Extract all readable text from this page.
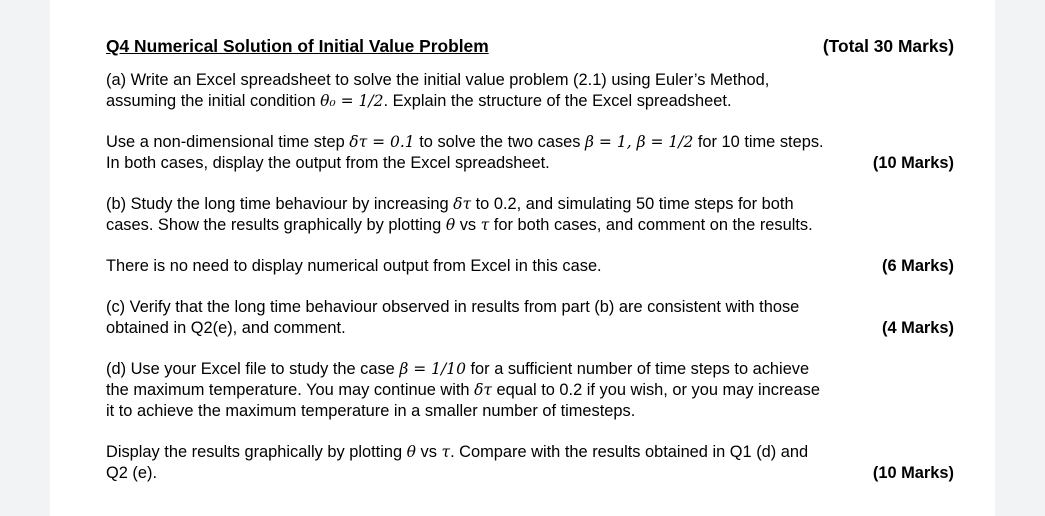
Q4 Numerical Solution of Initial Value Problem	(Total 30 Marks)

(a) Write an Excel spreadsheet to solve the initial value problem (2.1) using Euler’s Method,
assuming the initial condition θ₀ = 1/2. Explain the structure of the Excel spreadsheet.

Use a non-dimensional time step δτ = 0.1 to solve the two cases β = 1, β = 1/2 for 10 time steps.
In both cases, display the output from the Excel spreadsheet.	(10 Marks)
(b) Study the long time behaviour by increasing δτ to 0.2, and simulating 50 time steps for both
cases. Show the results graphically by plotting θ vs τ for both cases, and comment on the results.
There is no need to display numerical output from Excel in this case.	(6 Marks)
(c) Verify that the long time behaviour observed in results from part (b) are consistent with those
obtained in Q2(e), and comment.	(4 Marks)
(d) Use your Excel file to study the case β = 1/10 for a sufficient number of time steps to achieve
the maximum temperature. You may continue with δτ equal to 0.2 if you wish, or you may increase
it to achieve the maximum temperature in a smaller number of timesteps.
Display the results graphically by plotting θ vs τ. Compare with the results obtained in Q1 (d) and
Q2 (e).	(10 Marks)
